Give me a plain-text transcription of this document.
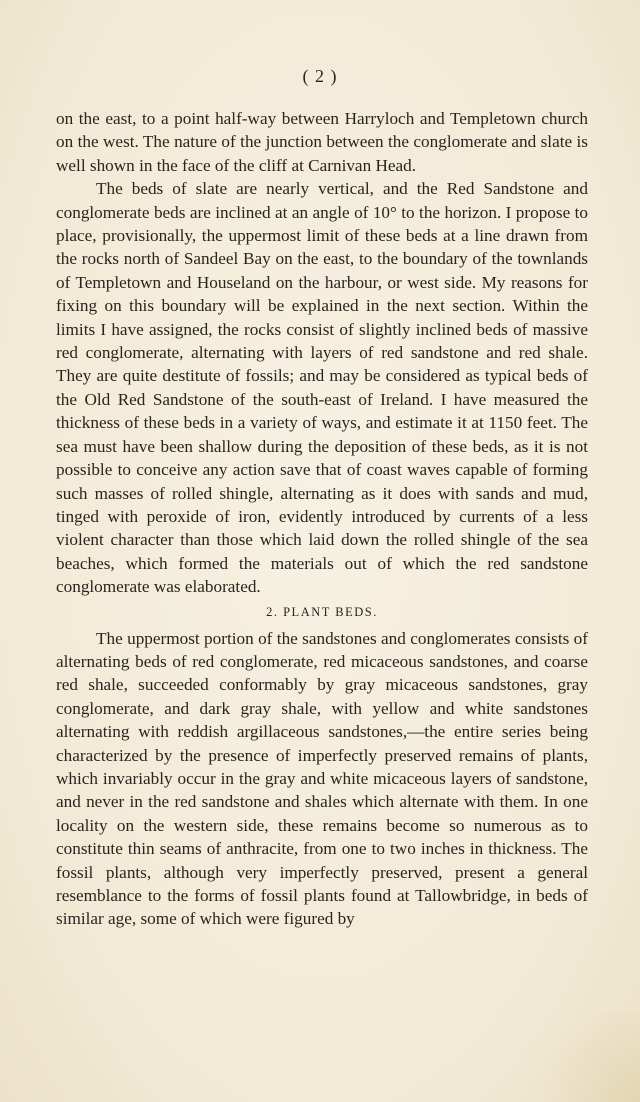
( 2 )

on the east, to a point half-way between Harryloch and Templetown church on the west. The nature of the junction between the conglomerate and slate is well shown in the face of the cliff at Carnivan Head.

The beds of slate are nearly vertical, and the Red Sandstone and conglomerate beds are inclined at an angle of 10° to the horizon. I propose to place, provisionally, the uppermost limit of these beds at a line drawn from the rocks north of Sandeel Bay on the east, to the boundary of the townlands of Templetown and Houseland on the harbour, or west side. My reasons for fixing on this boundary will be explained in the next section. Within the limits I have assigned, the rocks consist of slightly inclined beds of massive red conglomerate, alternating with layers of red sandstone and red shale. They are quite destitute of fossils; and may be considered as typical beds of the Old Red Sandstone of the south-east of Ireland. I have measured the thickness of these beds in a variety of ways, and estimate it at 1150 feet. The sea must have been shallow during the deposition of these beds, as it is not possible to conceive any action save that of coast waves capable of forming such masses of rolled shingle, alternating as it does with sands and mud, tinged with peroxide of iron, evidently introduced by currents of a less violent character than those which laid down the rolled shingle of the sea beaches, which formed the materials out of which the red sandstone conglomerate was elaborated.

2. PLANT BEDS.

The uppermost portion of the sandstones and conglomerates consists of alternating beds of red conglomerate, red micaceous sandstones, and coarse red shale, succeeded conformably by gray micaceous sandstones, gray conglomerate, and dark gray shale, with yellow and white sandstones alternating with reddish argillaceous sandstones,—the entire series being characterized by the presence of imperfectly preserved remains of plants, which invariably occur in the gray and white micaceous layers of sandstone, and never in the red sandstone and shales which alternate with them. In one locality on the western side, these remains become so numerous as to constitute thin seams of anthracite, from one to two inches in thickness. The fossil plants, although very imperfectly preserved, present a general resemblance to the forms of fossil plants found at Tallowbridge, in beds of similar age, some of which were figured by
